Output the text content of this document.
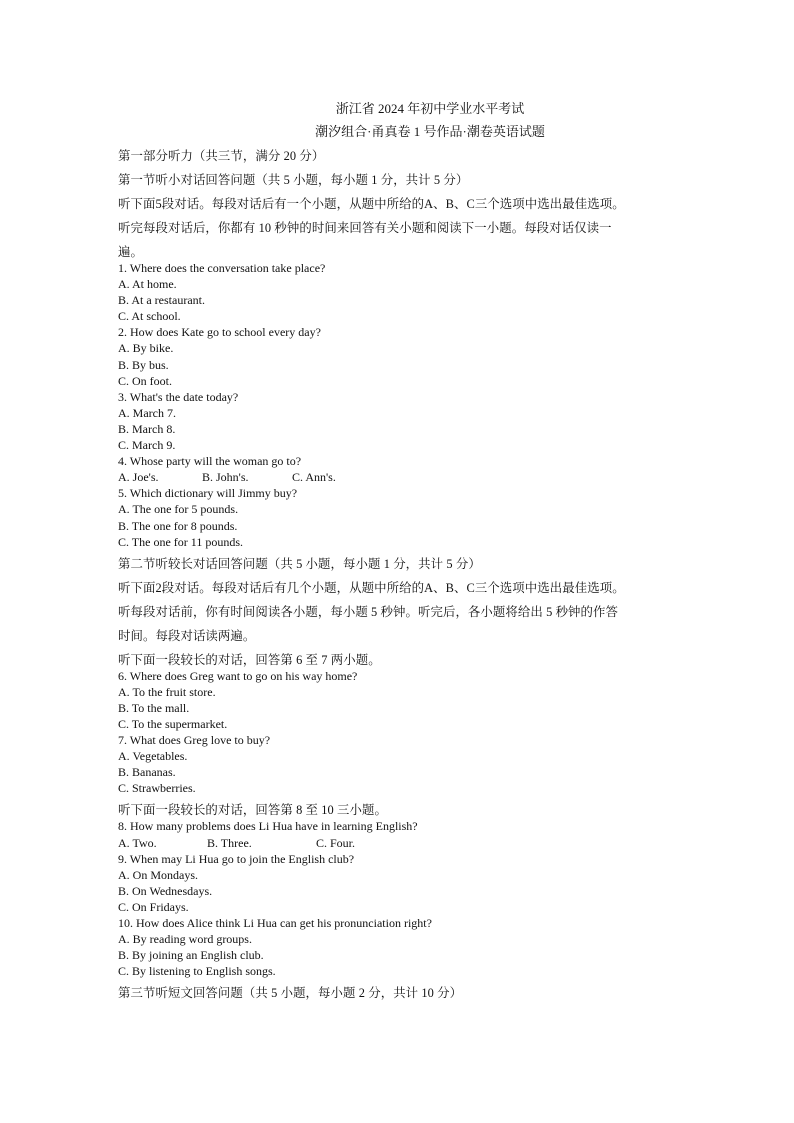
浙江省 2024 年初中学业水平考试

潮汐组合·甬真卷 1 号作品·潮卷英语试题

第一部分听力（共三节，满分 20 分）

第一节听小对话回答问题（共 5 小题，每小题 1 分，共计 5 分）

听下面5段对话。每段对话后有一个小题，从题中所给的A、B、C三个选项中选出最佳选项。

听完每段对话后，你都有 10 秒钟的时间来回答有关小题和阅读下一小题。每段对话仅读一

遍。

1. Where does the conversation take place?

A. At home.

B. At a restaurant.

C. At school.

2. How does Kate go to school every day?

A. By bike.

B. By bus.

C. On foot.

3. What's the date today?

A. March 7.

B. March 8.

C. March 9.

4. Whose party will the woman go to?

A. Joe's.	B. John's.	C. Ann's.

5. Which dictionary will Jimmy buy?

A. The one for 5 pounds.

B. The one for 8 pounds.

C. The one for 11 pounds.

第二节听较长对话回答问题（共 5 小题，每小题 1 分，共计 5 分）

听下面2段对话。每段对话后有几个小题，从题中所给的A、B、C三个选项中选出最佳选项。

听每段对话前，你有时间阅读各小题，每小题 5 秒钟。听完后，各小题将给出 5 秒钟的作答

时间。每段对话读两遍。

听下面一段较长的对话，回答第 6 至 7 两小题。

6. Where does Greg want to go on his way home?

A. To the fruit store.

B. To the mall.

C. To the supermarket.

7. What does Greg love to buy?

A. Vegetables.

B. Bananas.

C. Strawberries.

听下面一段较长的对话，回答第 8 至 10 三小题。

8. How many problems does Li Hua have in learning English?

A. Two.	B. Three.	C. Four.

9. When may Li Hua go to join the English club?

A. On Mondays.

B. On Wednesdays.

C. On Fridays.

10. How does Alice think Li Hua can get his pronunciation right?

A. By reading word groups.

B. By joining an English club.

C. By listening to English songs.

第三节听短文回答问题（共 5 小题，每小题 2 分，共计 10 分）
